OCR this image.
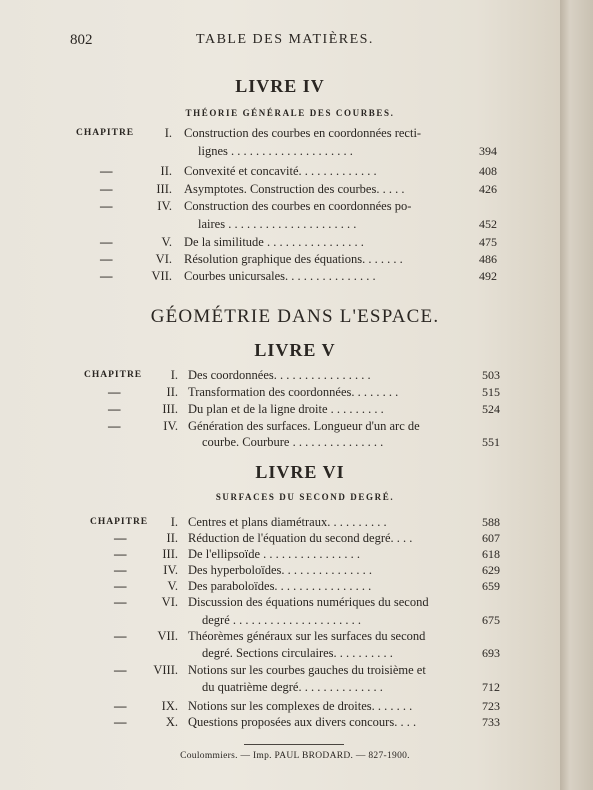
802	TABLE DES MATIÈRES.
LIVRE IV
THÉORIE GÉNÉRALE DES COURBES.
CHAPITRE	I. Construction des courbes en coordonnées recti-
lignes . . . . . . . . . . . . . . . . . . . .	394
—	II. Convexité et concavité. . . . . . . . . . . . .	408
—	III. Asymptotes. Construction des courbes. . . . .	426
—	IV. Construction des courbes en coordonnées po-
laires . . . . . . . . . . . . . . . . . . . . .	452
—	V. De la similitude . . . . . . . . . . . . . . . .	475
—	VI. Résolution graphique des équations. . . . . . .	486
—	VII. Courbes unicursales. . . . . . . . . . . . . . .	492
GÉOMÉTRIE DANS L'ESPACE.
LIVRE V
CHAPITRE	I. Des coordonnées. . . . . . . . . . . . . . . .	503
—	II. Transformation des coordonnées. . . . . . . .	515
—	III. Du plan et de la ligne droite . . . . . . . . .	524
—	IV. Génération des surfaces. Longueur d'un arc de
courbe. Courbure . . . . . . . . . . . . . . .	551
LIVRE VI
SURFACES DU SECOND DEGRÉ.
CHAPITRE	I. Centres et plans diamétraux. . . . . . . . . .	588
—	II. Réduction de l'équation du second degré. . . .	607
—	III. De l'ellipsoïde . . . . . . . . . . . . . . . .	618
—	IV. Des hyperboloïdes. . . . . . . . . . . . . . .	629
—	V. Des paraboloïdes. . . . . . . . . . . . . . . .	659
—	VI. Discussion des équations numériques du second
degré . . . . . . . . . . . . . . . . . . . . .	675
—	VII. Théorèmes généraux sur les surfaces du second
degré. Sections circulaires. . . . . . . . . .	693
—	VIII. Notions sur les courbes gauches du troisième et
du quatrième degré. . . . . . . . . . . . . .	712
—	IX. Notions sur les complexes de droites. . . . . . .	723
—	X. Questions proposées aux divers concours. . . .	733
Coulommiers. — Imp. PAUL BRODARD. — 827-1900.
